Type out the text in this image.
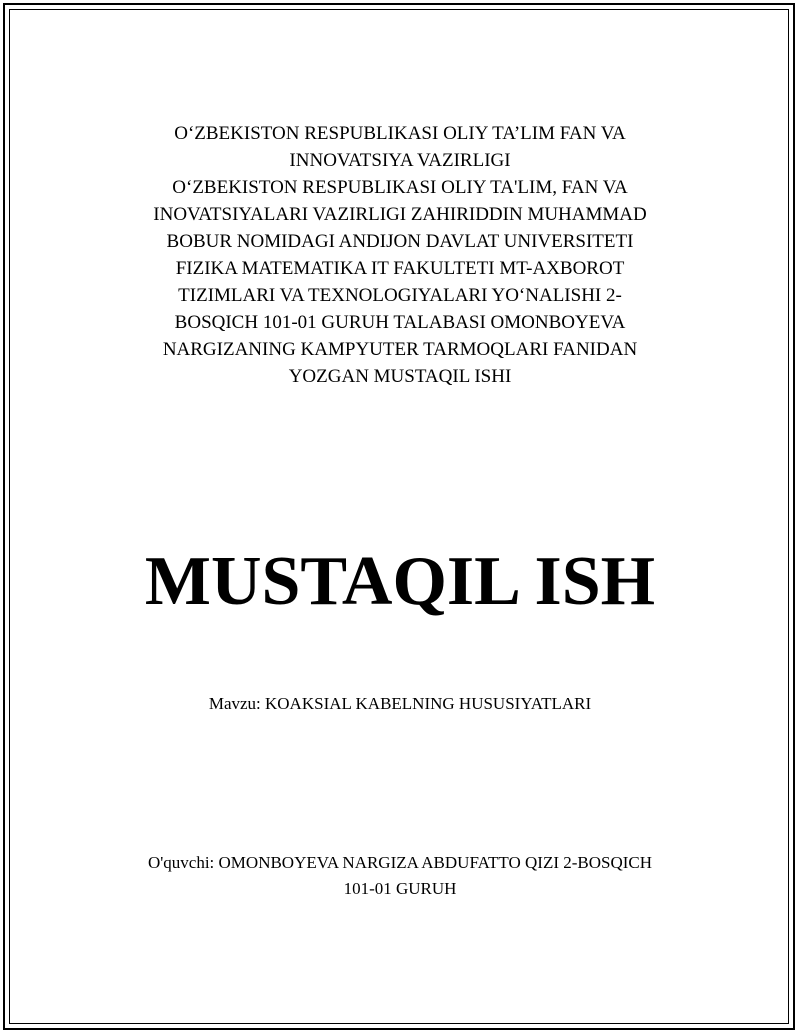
O‘ZBEKISTON RESPUBLIKASI OLIY TA’LIM FAN VA
INNOVATSIYA VAZIRLIGI
O‘ZBEKISTON RESPUBLIKASI OLIY TA'LIM, FAN VA
INOVATSIYALARI VAZIRLIGI ZAHIRIDDIN MUHAMMAD
BOBUR NOMIDAGI ANDIJON DAVLAT UNIVERSITETI
FIZIKA MATEMATIKA IT FAKULTETI MT-AXBOROT
TIZIMLARI VA TEXNOLOGIYALARI YO‘NALISHI 2-
BOSQICH 101-01 GURUH TALABASI OMONBOYEVA
NARGIZANING KAMPYUTER TARMOQLARI FANIDAN
YOZGAN MUSTAQIL ISHI
MUSTAQIL ISH
Mavzu: KOAKSIAL KABELNING HUSUSIYATLARI
O'quvchi: OMONBOYEVA NARGIZA ABDUFATTO QIZI 2-BOSQICH
101-01 GURUH
